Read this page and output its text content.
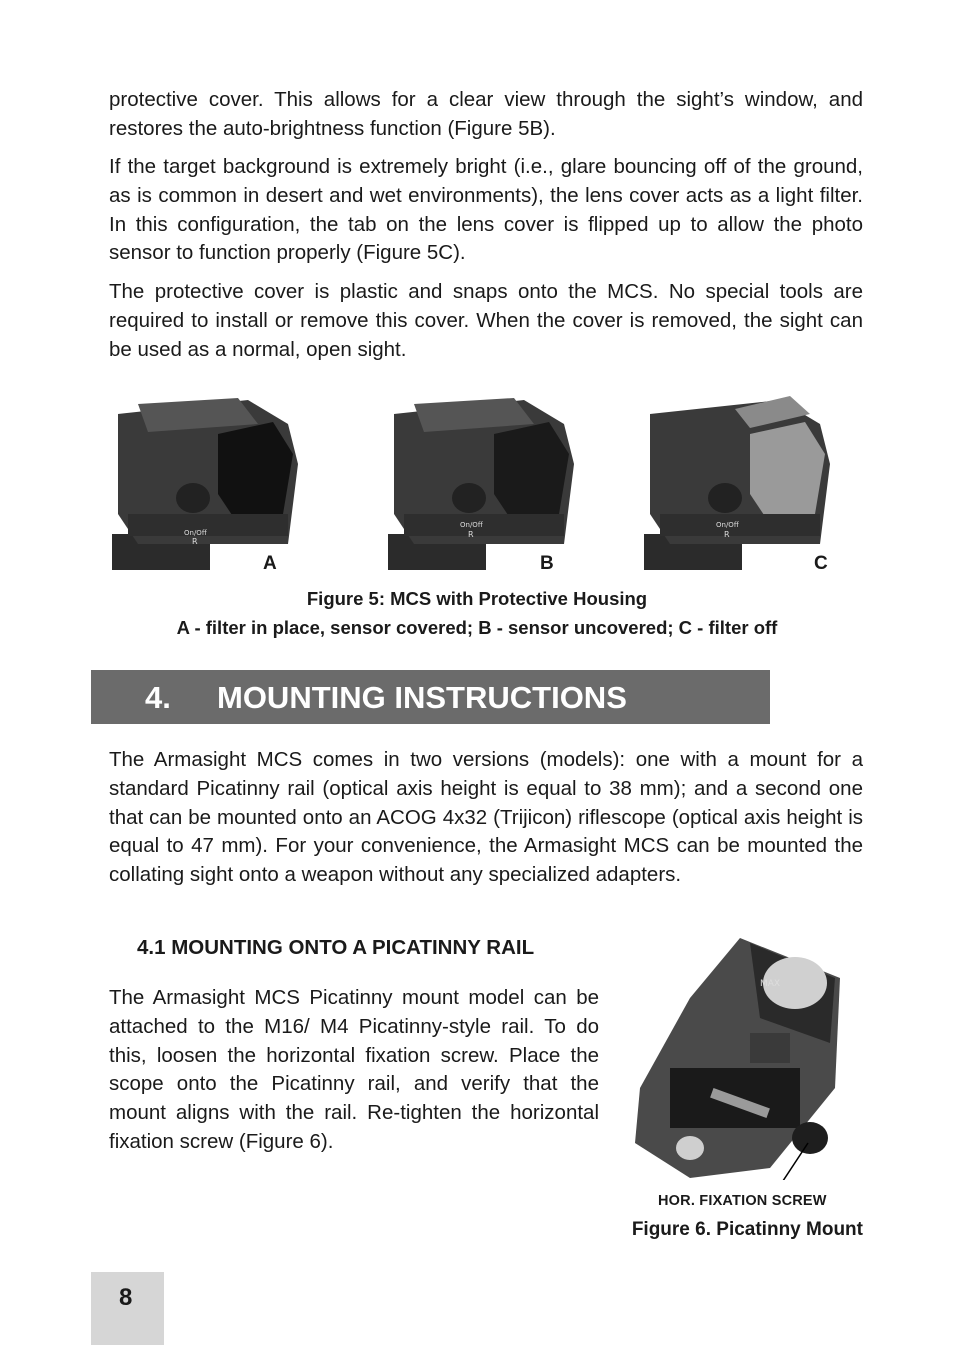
protective cover. This allows for a clear view through the sight’s window, and restores the auto-brightness function (Figure 5B).

If the target background is extremely bright (i.e., glare bouncing off of the ground, as is common in desert and wet environments), the lens cover acts as a light filter. In this configuration, the tab on the lens cover is flipped up to allow the photo sensor to function properly (Figure 5C).

The protective cover is plastic and snaps onto the MCS. No special tools are required to install or remove this cover. When the cover is removed, the sight can be used as a normal, open sight.

On/Off
R
On/Off
R
On/Off
R
A	B	C

Figure 5: MCS with Protective Housing

A - filter in place, sensor covered; B - sensor uncovered; C - filter off

4. MOUNTING INSTRUCTIONS

The Armasight MCS comes in two versions (models): one with a mount for a standard Picatinny rail (optical axis height is equal to 38 mm); and a second one that can be mounted onto an ACOG 4x32 (Trijicon) riflescope (optical axis height is equal to 47 mm). For your convenience, the Armasight MCS can be mounted the collating sight onto a weapon without any specialized adapters.

4.1 MOUNTING ONTO A PICATINNY RAIL

The Armasight MCS Picatinny mount model can be attached to the M16/ M4 Picatinny-style rail. To do this, loosen the horizontal fixation screw. Place the scope onto the Picatinny rail, and verify that the mount aligns with the rail. Re-tighten the horizontal fixation screw (Figure 6).

MAX

HOR. FIXATION SCREW

Figure 6. Picatinny Mount

8
